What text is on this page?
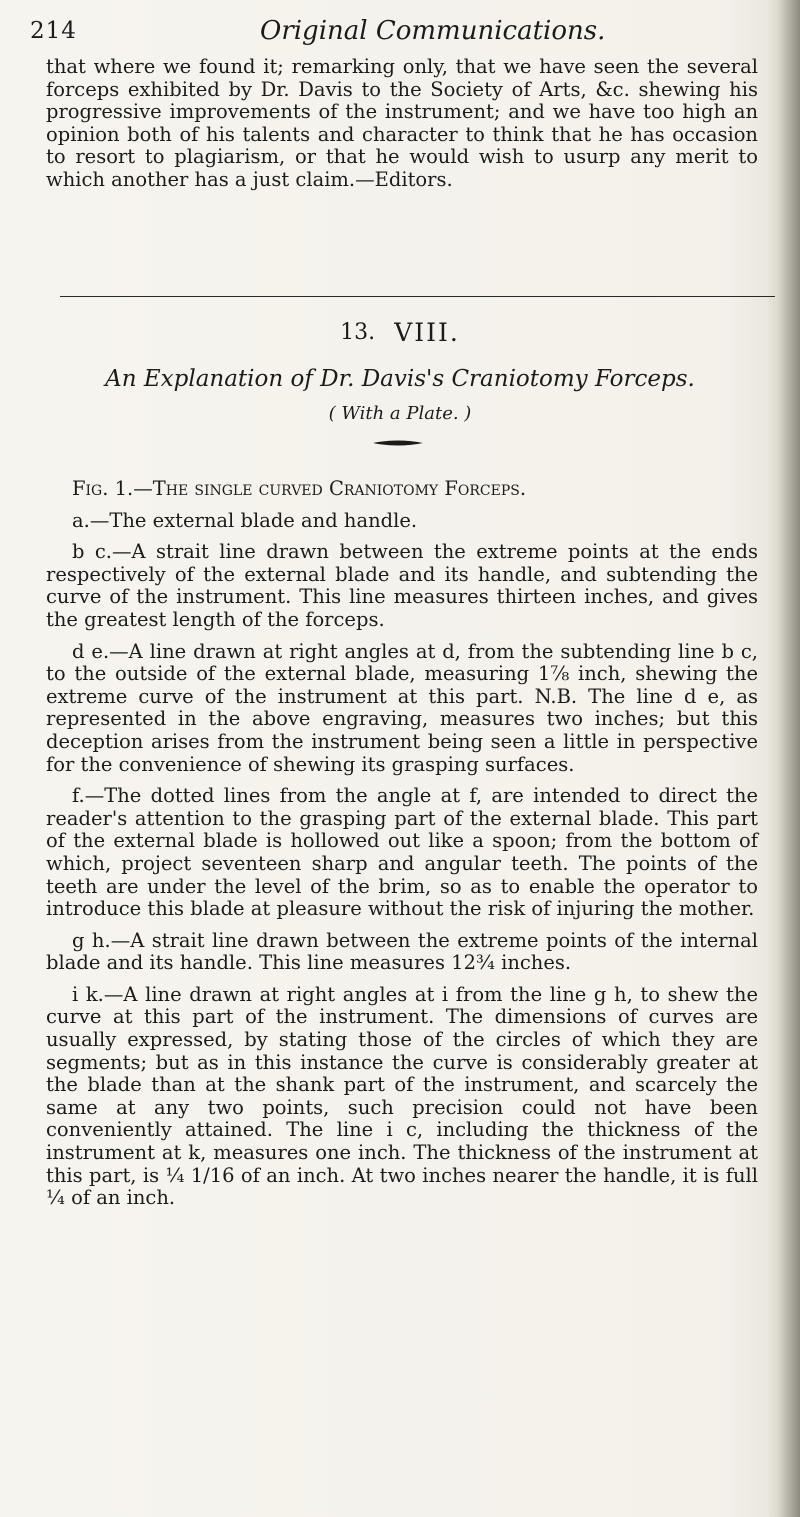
214	Original Communications.

that where we found it; remarking only, that we have seen the several forceps exhibited by Dr. Davis to the Society of Arts, &c. shewing his progressive improvements of the instrument; and we have too high an opinion both of his talents and character to think that he has occasion to resort to plagiarism, or that he would wish to usurp any merit to which another has a just claim.—Editors.

13. VIII.
An Explanation of Dr. Davis's Craniotomy Forceps.
( With a Plate. )

Fig. 1.—The single curved Craniotomy Forceps.

a.—The external blade and handle.

b c.—A strait line drawn between the extreme points at the ends respectively of the external blade and its handle, and subtending the curve of the instrument. This line measures thirteen inches, and gives the greatest length of the forceps.

d e.—A line drawn at right angles at d, from the subtending line b c, to the outside of the external blade, measuring 1⅞ inch, shewing the extreme curve of the instrument at this part. N.B. The line d e, as represented in the above engraving, measures two inches; but this deception arises from the instrument being seen a little in perspective for the convenience of shewing its grasping surfaces.

f.—The dotted lines from the angle at f, are intended to direct the reader's attention to the grasping part of the external blade. This part of the external blade is hollowed out like a spoon; from the bottom of which, project seventeen sharp and angular teeth. The points of the teeth are under the level of the brim, so as to enable the operator to introduce this blade at pleasure without the risk of injuring the mother.

g h.—A strait line drawn between the extreme points of the internal blade and its handle. This line measures 12¾ inches.

i k.—A line drawn at right angles at i from the line g h, to shew the curve at this part of the instrument. The dimensions of curves are usually expressed, by stating those of the circles of which they are segments; but as in this instance the curve is considerably greater at the blade than at the shank part of the instrument, and scarcely the same at any two points, such precision could not have been conveniently attained. The line i c, including the thickness of the instrument at k, measures one inch. The thickness of the instrument at this part, is ¼ 1/16 of an inch. At two inches nearer the handle, it is full ¼ of an inch.
